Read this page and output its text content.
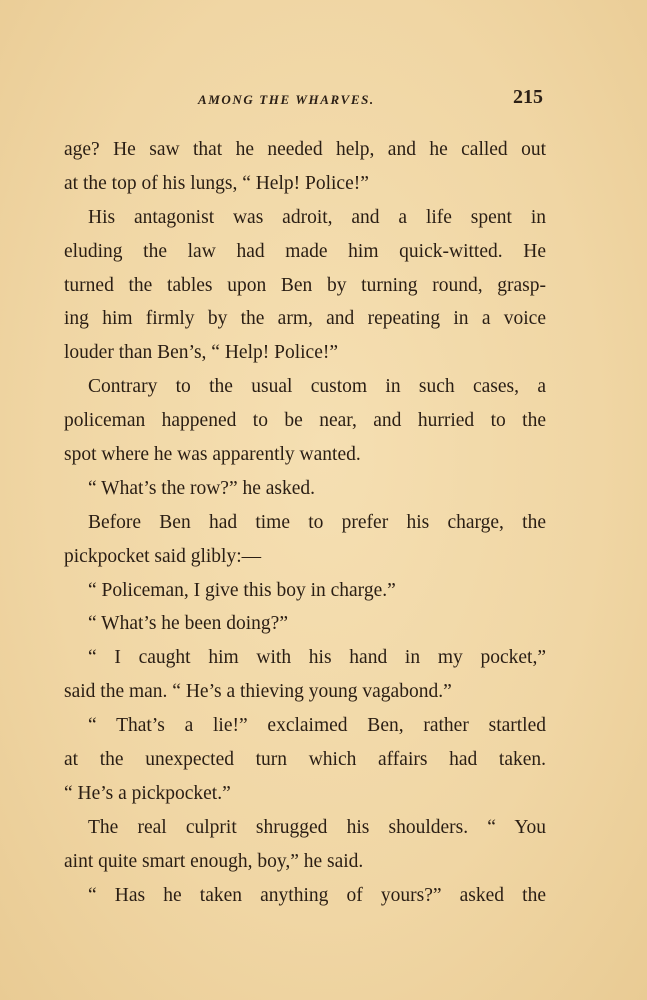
AMONG THE WHARVES.	215
age? He saw that he needed help, and he called out
at the top of his lungs, “ Help! Police!”
His antagonist was adroit, and a life spent in
eluding the law had made him quick-witted. He
turned the tables upon Ben by turning round, grasp-
ing him firmly by the arm, and repeating in a voice
louder than Ben’s, “ Help! Police!”
Contrary to the usual custom in such cases, a
policeman happened to be near, and hurried to the
spot where he was apparently wanted.
“ What’s the row?” he asked.
Before Ben had time to prefer his charge, the
pickpocket said glibly:—
“ Policeman, I give this boy in charge.”
“ What’s he been doing?”
“ I caught him with his hand in my pocket,”
said the man. “ He’s a thieving young vagabond.”
“ That’s a lie!” exclaimed Ben, rather startled
at the unexpected turn which affairs had taken.
“ He’s a pickpocket.”
The real culprit shrugged his shoulders. “ You
aint quite smart enough, boy,” he said.
“ Has he taken anything of yours?” asked the
